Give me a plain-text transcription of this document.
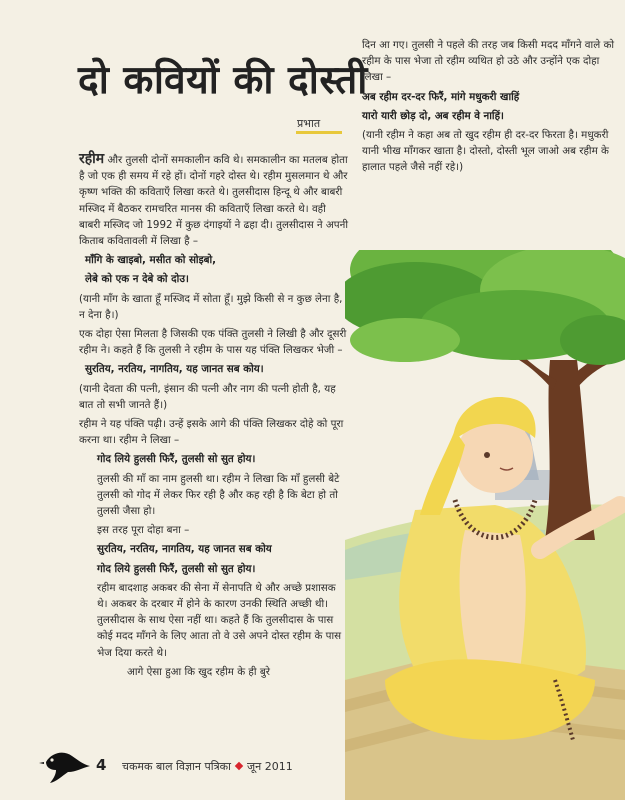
दो कवियों की दोस्ती
प्रभात

रहीम और तुलसी दोनों समकालीन कवि थे। समकालीन का मतलब होता है जो एक ही समय में रहे हों। दोनों गहरे दोस्त थे। रहीम मुसलमान थे और कृष्ण भक्ति की कविताएँ लिखा करते थे। तुलसीदास हिन्दू थे और बाबरी मस्जिद में बैठकर रामचरित मानस की कविताएँ लिखा करते थे। वही बाबरी मस्जिद जो 1992 में कुछ दंगाइयों ने ढहा दी। तुलसीदास ने अपनी किताब कवितावली में लिखा है –

माँगि के खाइबो, मसीत को सोइबो,

लेबे को एक न देबे को दोउ।

(यानी माँग के खाता हूँ मस्जिद में सोता हूँ। मुझे किसी से न कुछ लेना है, न देना है।)

एक दोहा ऐसा मिलता है जिसकी एक पंक्ति तुलसी ने लिखी है और दूसरी रहीम ने। कहते हैं कि तुलसी ने रहीम के पास यह पंक्ति लिखकर भेजी –

सुरतिय, नरतिय, नागतिय, यह जानत सब कोय।

(यानी देवता की पत्नी, इंसान की पत्नी और नाग की पत्नी होती है, यह बात तो सभी जानते हैं।)

रहीम ने यह पंक्ति पढ़ी। उन्हें इसके आगे की पंक्ति लिखकर दोहे को पूरा करना था। रहीम ने लिखा –

गोद लिये हुलसी फिरैं, तुलसी सो सुत होय।

तुलसी की माँ का नाम हुलसी था। रहीम ने लिखा कि माँ हुलसी बेटे तुलसी को गोद में लेकर फिर रही है और कह रही है कि बेटा हो तो तुलसी जैसा हो।

इस तरह पूरा दोहा बना –

सुरतिय, नरतिय, नागतिय, यह जानत सब कोय

गोद लिये हुलसी फिरैं, तुलसी सो सुत होय।

रहीम बादशाह अकबर की सेना में सेनापति थे और अच्छे प्रशासक थे। अकबर के दरबार में होने के कारण उनकी स्थिति अच्छी थी। तुलसीदास के साथ ऐसा नहीं था। कहते हैं कि तुलसीदास के पास कोई मदद माँगने के लिए आता तो वे उसे अपने दोस्त रहीम के पास भेज दिया करते थे।

आगे ऐसा हुआ कि खुद रहीम के ही बुरे

दिन आ गए। तुलसी ने पहले की तरह जब किसी मदद माँगने वाले को रहीम के पास भेजा तो रहीम व्यथित हो उठे और उन्होंने एक दोहा लिखा –

अब रहीम दर-दर फिरैं, मांगे मधुकरी खाहिं

यारो यारी छोड़ दो, अब रहीम वे नाहिं।

(यानी रहीम ने कहा अब तो खुद रहीम ही दर-दर फिरता है। मधुकरी यानी भीख माँगकर खाता है। दोस्तो, दोस्ती भूल जाओ अब रहीम के हालात पहले जैसे नहीं रहे।)

4 चकमक बाल विज्ञान पत्रिका जून 2011
